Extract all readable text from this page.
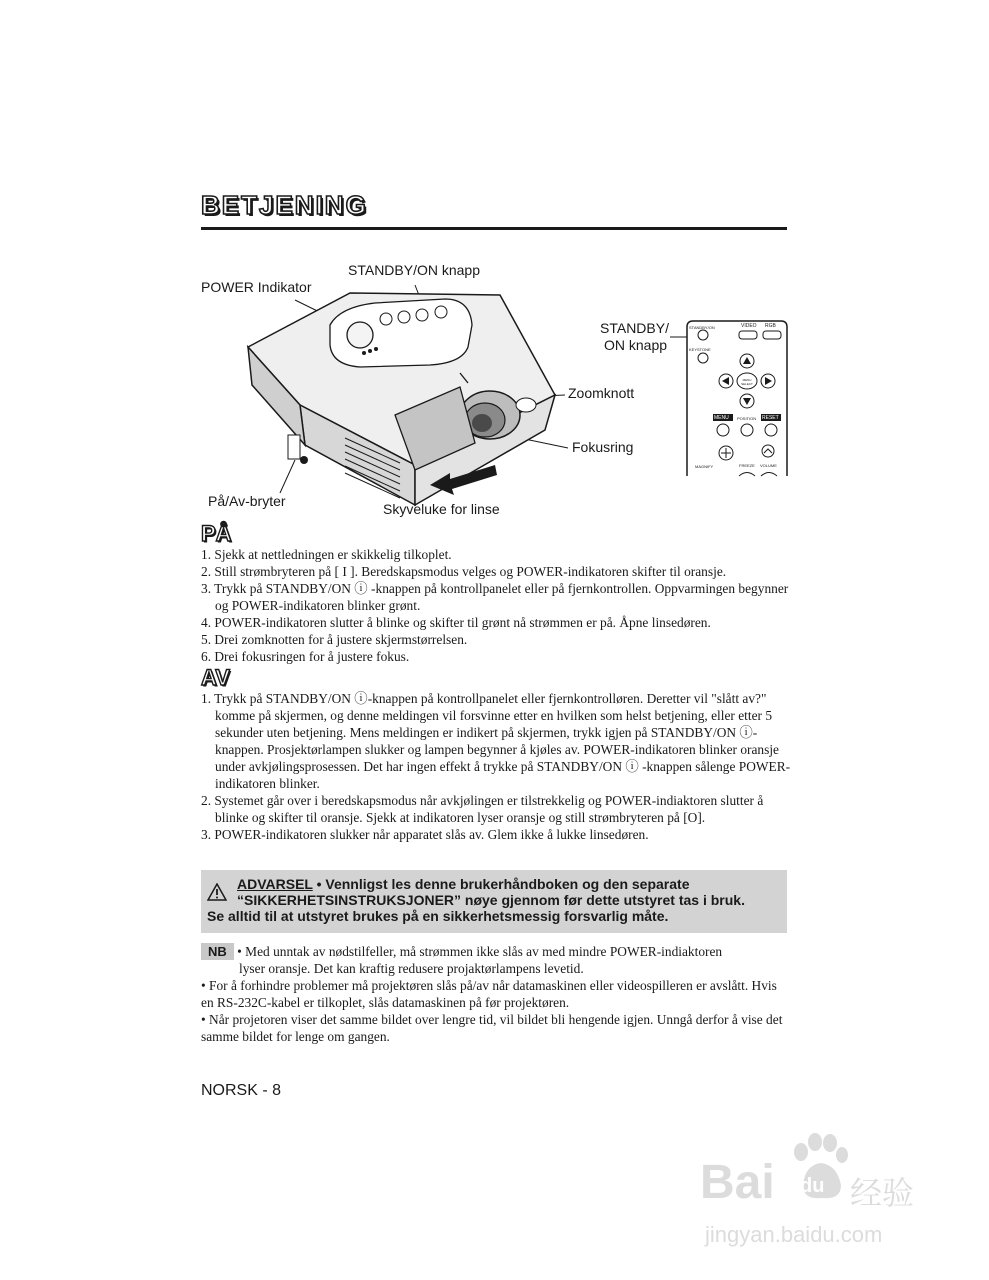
BETJENING
STANDBY/ON	VIDEO RGB
KEYSTONE
MENU SELECT
MENU POSITION RESET
MAGNIFY	FREEZE VOLUME
STANDBY/ON knapp
POWER Indikator
STANDBY/
ON knapp
Zoomknott
Fokusring
På/Av-bryter	Skyveluke for linse
PÅ
1. Sjekk at nettledningen er skikkelig tilkoplet.
2. Still strømbryteren på [ I ]. Beredskapsmodus velges og POWER-indikatoren skifter til oransje.
3. Trykk på STANDBY/ON ⓘ -knappen på kontrollpanelet eller på fjernkontrollen. Oppvarmingen begynner og POWER-indikatoren blinker grønt.
4. POWER-indikatoren slutter å blinke og skifter til grønt nå strømmen er på. Åpne linsedøren.
5. Drei zomknotten for å justere skjermstørrelsen.
6. Drei fokusringen for å justere fokus.
AV
1. Trykk på STANDBY/ON ⓘ-knappen på kontrollpanelet eller fjernkontrolløren. Deretter vil "slått av?" komme på skjermen, og denne meldingen vil forsvinne etter en hvilken som helst betjening, eller etter 5 sekunder uten betjening. Mens meldingen er indikert på skjermen, trykk igjen på STANDBY/ON ⓘ-knappen. Prosjektørlampen slukker og lampen begynner å kjøles av. POWER-indikatoren blinker oransje under avkjølingsprosessen. Det har ingen effekt å trykke på STANDBY/ON ⓘ -knappen sålenge POWER-indikatoren blinker.
2. Systemet går over i beredskapsmodus når avkjølingen er tilstrekkelig og POWER-indiaktoren slutter å blinke og skifter til oransje. Sjekk at indikatoren lyser oransje og still strømbryteren på [O].
3. POWER-indikatoren slukker når apparatet slås av. Glem ikke å lukke linsedøren.
ADVARSEL • Vennligst les denne brukerhåndboken og den separate
“SIKKERHETSINSTRUKSJONER” nøye gjennom før dette utstyret tas i bruk.
Se alltid til at utstyret brukes på en sikkerhetsmessig forsvarlig måte.
NB • Med unntak av nødstilfeller, må strømmen ikke slås av med mindre POWER-indiaktoren
lyser oransje. Det kan kraftig redusere projaktørlampens levetid.
• For å forhindre problemer må projektøren slås på/av når datamaskinen eller videospilleren er avslått. Hvis en RS-232C-kabel er tilkoplet, slås datamaskinen på før projektøren.
• Når projetoren viser det samme bildet over lengre tid, vil bildet bli hengende igjen. Unngå derfor å vise det samme bildet for lenge om gangen.
NORSK - 8
Bai du 经验
jingyan.baidu.com
